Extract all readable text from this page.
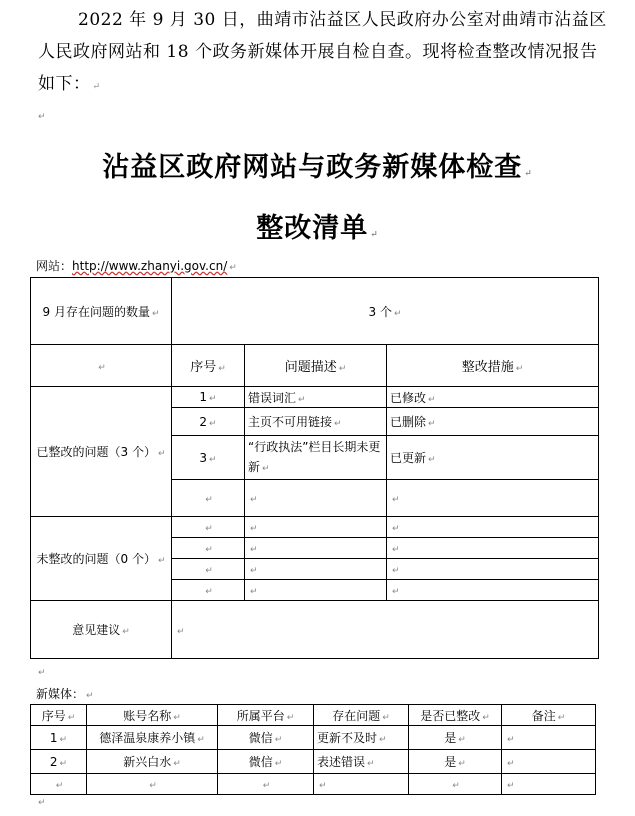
2022 年 9 月 30 日，曲靖市沾益区人民政府办公室对曲靖市沾益区人民政府网站和 18 个政务新媒体开展自检自查。现将检查整改情况报告如下： ↵
↵
沾益区政府网站与政务新媒体检查 ↵
整改清单 ↵
网站：http://www.zhanyi.gov.cn/ ↵
9 月存在问题的数量 ↵	3 个 ↵		
↵	序号 ↵	问题描述 ↵	整改措施 ↵
已整改的问题（3 个） ↵	1 ↵	错误词汇 ↵	已修改 ↵
	2 ↵	主页不可用链接 ↵	已删除 ↵
	3 ↵	“行政执法”栏目长期未更新 ↵	已更新 ↵
	↵	↵	↵
未整改的问题（0 个） ↵	↵	↵	↵
	↵	↵	↵
	↵	↵	↵
	↵	↵	↵
意见建议 ↵	↵		
↵
新媒体： ↵
序号 ↵	账号名称 ↵	所属平台 ↵	存在问题 ↵	是否已整改 ↵	备注 ↵
1 ↵	德泽温泉康养小镇 ↵	微信 ↵	更新不及时 ↵	是 ↵	↵
2 ↵	新兴白水 ↵	微信 ↵	表述错误 ↵	是 ↵	↵
↵	↵	↵	↵	↵	↵
↵
